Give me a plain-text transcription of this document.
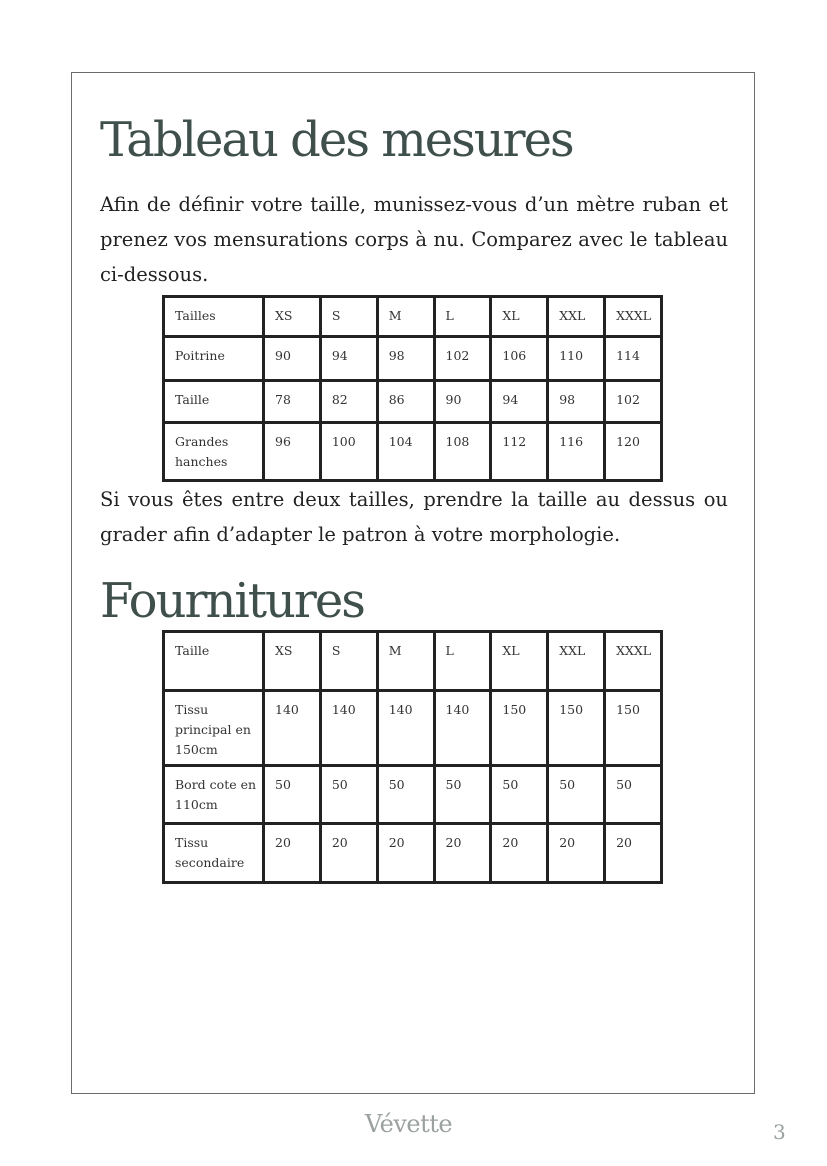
Tableau des mesures

Afin de définir votre taille, munissez-vous d’un mètre ruban et prenez vos mensurations corps à nu. Comparez avec le tableau ci-dessous.

Tailles	XS	S	M	L	XL	XXL	XXXL
Poitrine	90	94	98	102	106	110	114
Taille	78	82	86	90	94	98	102
Grandes hanches	96	100	104	108	112	116	120

Si vous êtes entre deux tailles, prendre la taille au dessus ou grader afin d’adapter le patron à votre morphologie.

Fournitures
Taille	XS	S	M	L	XL	XXL	XXXL
Tissu principal en 150cm	140	140	140	140	150	150	150
Bord cote en 110cm	50	50	50	50	50	50	50
Tissu secondaire	20	20	20	20	20	20	20
Vévette	3
